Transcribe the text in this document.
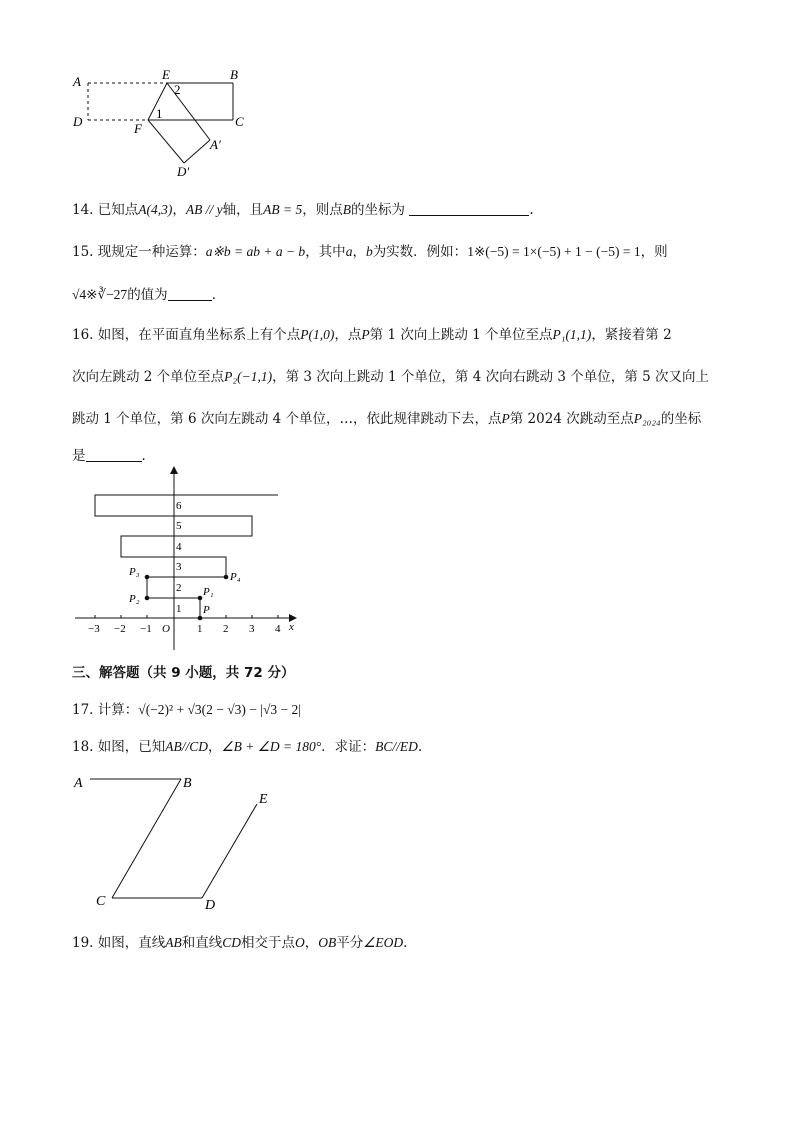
A	E	B
D	F	C
A′
D′
1
2
14. 已知点A(4,3)，AB // y轴，且AB = 5，则点B的坐标为	.
15. 现规定一种运算：a※b = ab + a − b，其中a，b为实数．例如：1※(−5) = 1×(−5) + 1 − (−5) = 1，则
√4※∛−27的值为	．
16. 如图，在平面直角坐标系上有个点P(1,0)，点P第 1 次向上跳动 1 个单位至点P₁(1,1)，紧接着第 2
次向左跳动 2 个单位至点P₂(−1,1)，第 3 次向上跳动 1 个单位，第 4 次向右跳动 3 个单位，第 5 次又向上
跳动 1 个单位，第 6 次向左跳动 4 个单位，…，依此规律跳动下去，点P第 2024 次跳动至点P₂₀₂₄的坐标
是	．
−3 −2 −1 O 1 2 3 4 x
1
2
3
4
5
6
P
P₁
P₂
P₃	P₄
三、解答题（共 9 小题，共 72 分）
17. 计算：√(−2)² + √3(2 − √3) − |√3 − 2|
18. 如图，已知AB//CD，∠B + ∠D = 180°．求证：BC//ED.
A	B
C	D
E
19. 如图，直线AB和直线CD相交于点O，OB平分∠EOD．
